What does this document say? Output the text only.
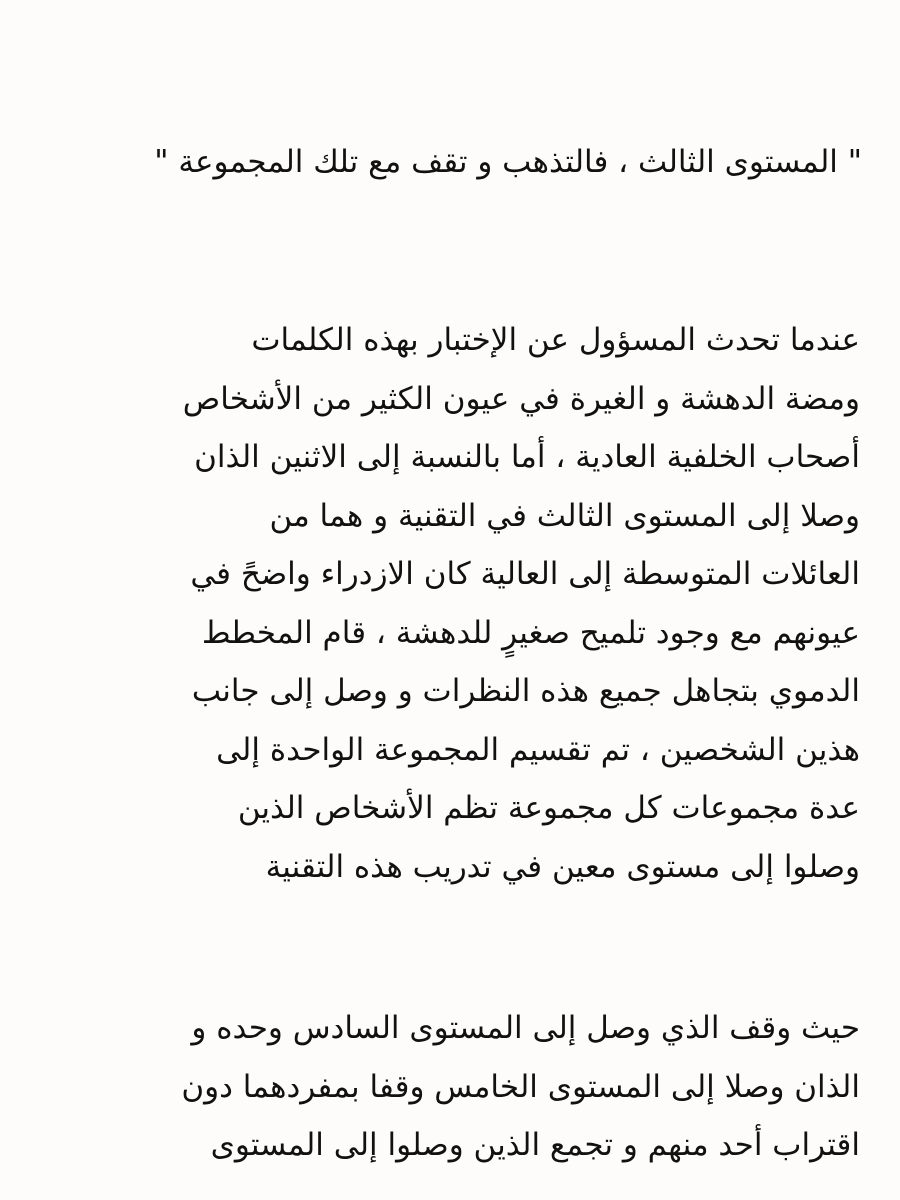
" المستوى الثالث ، فالتذهب و تقف مع تلك المجموعة "

عندما تحدث المسؤول عن الإختبار بهذه الكلمات
ومضة الدهشة و الغيرة في عيون الكثير من الأشخاص
أصحاب الخلفية العادية ، أما بالنسبة إلى الاثنين الذان
وصلا إلى المستوى الثالث في التقنية و هما من
العائلات المتوسطة إلى العالية كان الازدراء واضحً في
عيونهم مع وجود تلميح صغيرٍ للدهشة ، قام المخطط
الدموي بتجاهل جميع هذه النظرات و وصل إلى جانب
هذين الشخصين ، تم تقسيم المجموعة الواحدة إلى
عدة مجموعات كل مجموعة تظم الأشخاص الذين
وصلوا إلى مستوى معين في تدريب هذه التقنية

حيث وقف الذي وصل إلى المستوى السادس وحده و
الذان وصلا إلى المستوى الخامس وقفا بمفردهما دون
اقتراب أحد منهم و تجمع الذين وصلوا إلى المستوى
